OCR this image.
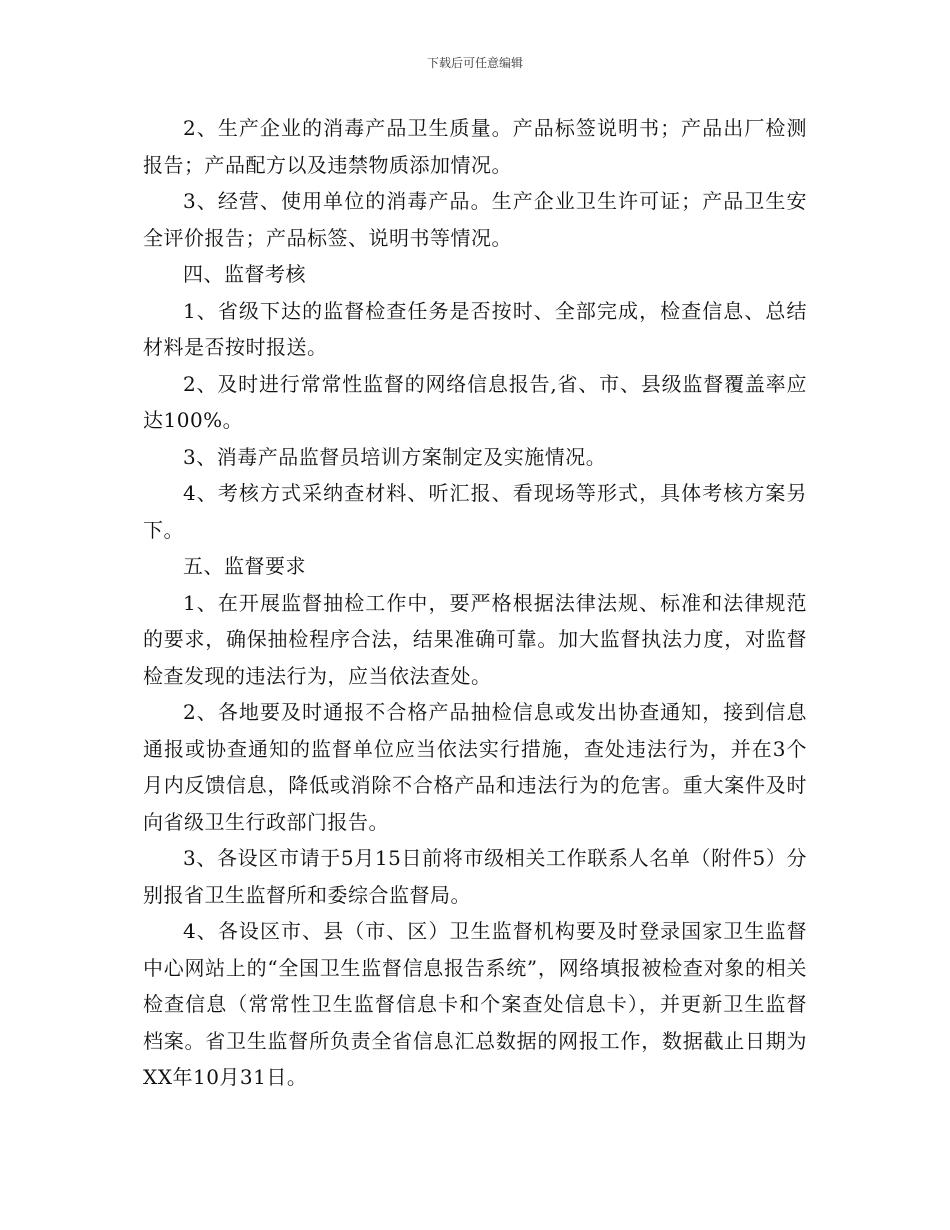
下载后可任意编辑

2、生产企业的消毒产品卫生质量。产品标签说明书；产品出厂检测报告；产品配方以及违禁物质添加情况。

3、经营、使用单位的消毒产品。生产企业卫生许可证；产品卫生安全评价报告；产品标签、说明书等情况。

四、监督考核

1、省级下达的监督检查任务是否按时、全部完成，检查信息、总结材料是否按时报送。

2、及时进行常常性监督的网络信息报告,省、市、县级监督覆盖率应达100%。

3、消毒产品监督员培训方案制定及实施情况。

4、考核方式采纳查材料、听汇报、看现场等形式，具体考核方案另下。

五、监督要求

1、在开展监督抽检工作中，要严格根据法律法规、标准和法律规范的要求，确保抽检程序合法，结果准确可靠。加大监督执法力度，对监督检查发现的违法行为，应当依法查处。

2、各地要及时通报不合格产品抽检信息或发出协查通知，接到信息通报或协查通知的监督单位应当依法实行措施，查处违法行为，并在3个月内反馈信息，降低或消除不合格产品和违法行为的危害。重大案件及时向省级卫生行政部门报告。

3、各设区市请于5月15日前将市级相关工作联系人名单（附件5）分别报省卫生监督所和委综合监督局。

4、各设区市、县（市、区）卫生监督机构要及时登录国家卫生监督中心网站上的“全国卫生监督信息报告系统”，网络填报被检查对象的相关检查信息（常常性卫生监督信息卡和个案查处信息卡），并更新卫生监督档案。省卫生监督所负责全省信息汇总数据的网报工作，数据截止日期为XX年10月31日。
